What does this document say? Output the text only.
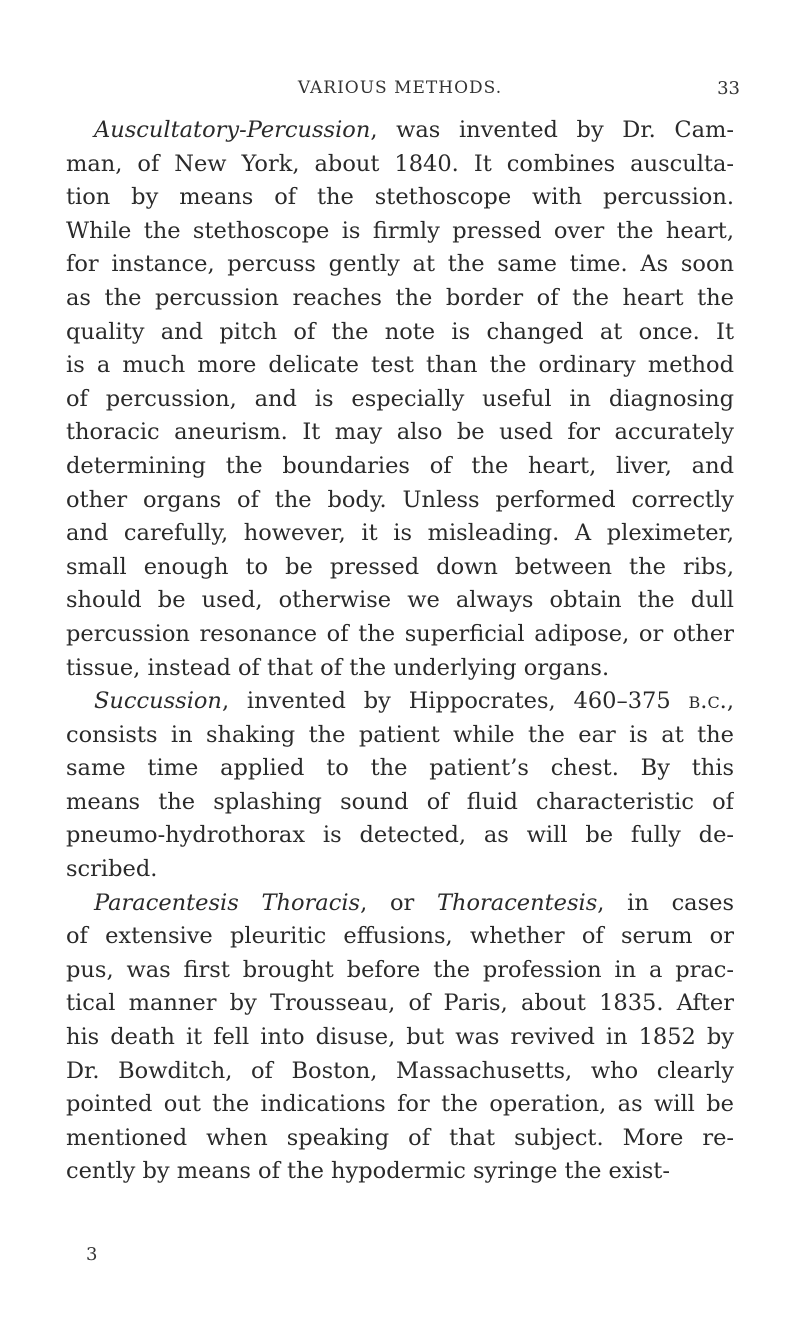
VARIOUS METHODS.	33
Auscultatory-Percussion, was invented by Dr. Cam-
man, of New York, about 1840. It combines ausculta-
tion by means of the stethoscope with percussion.
While the stethoscope is firmly pressed over the heart,
for instance, percuss gently at the same time. As soon
as the percussion reaches the border of the heart the
quality and pitch of the note is changed at once. It
is a much more delicate test than the ordinary method
of percussion, and is especially useful in diagnosing
thoracic aneurism. It may also be used for accurately
determining the boundaries of the heart, liver, and
other organs of the body. Unless performed correctly
and carefully, however, it is misleading. A pleximeter,
small enough to be pressed down between the ribs,
should be used, otherwise we always obtain the dull
percussion resonance of the superficial adipose, or other
tissue, instead of that of the underlying organs.
Succussion, invented by Hippocrates, 460–375 b.c.,
consists in shaking the patient while the ear is at the
same time applied to the patient’s chest. By this
means the splashing sound of fluid characteristic of
pneumo-hydrothorax is detected, as will be fully de-
scribed.
Paracentesis Thoracis, or Thoracentesis, in cases
of extensive pleuritic effusions, whether of serum or
pus, was first brought before the profession in a prac-
tical manner by Trousseau, of Paris, about 1835. After
his death it fell into disuse, but was revived in 1852 by
Dr. Bowditch, of Boston, Massachusetts, who clearly
pointed out the indications for the operation, as will be
mentioned when speaking of that subject. More re-
cently by means of the hypodermic syringe the exist-
3
